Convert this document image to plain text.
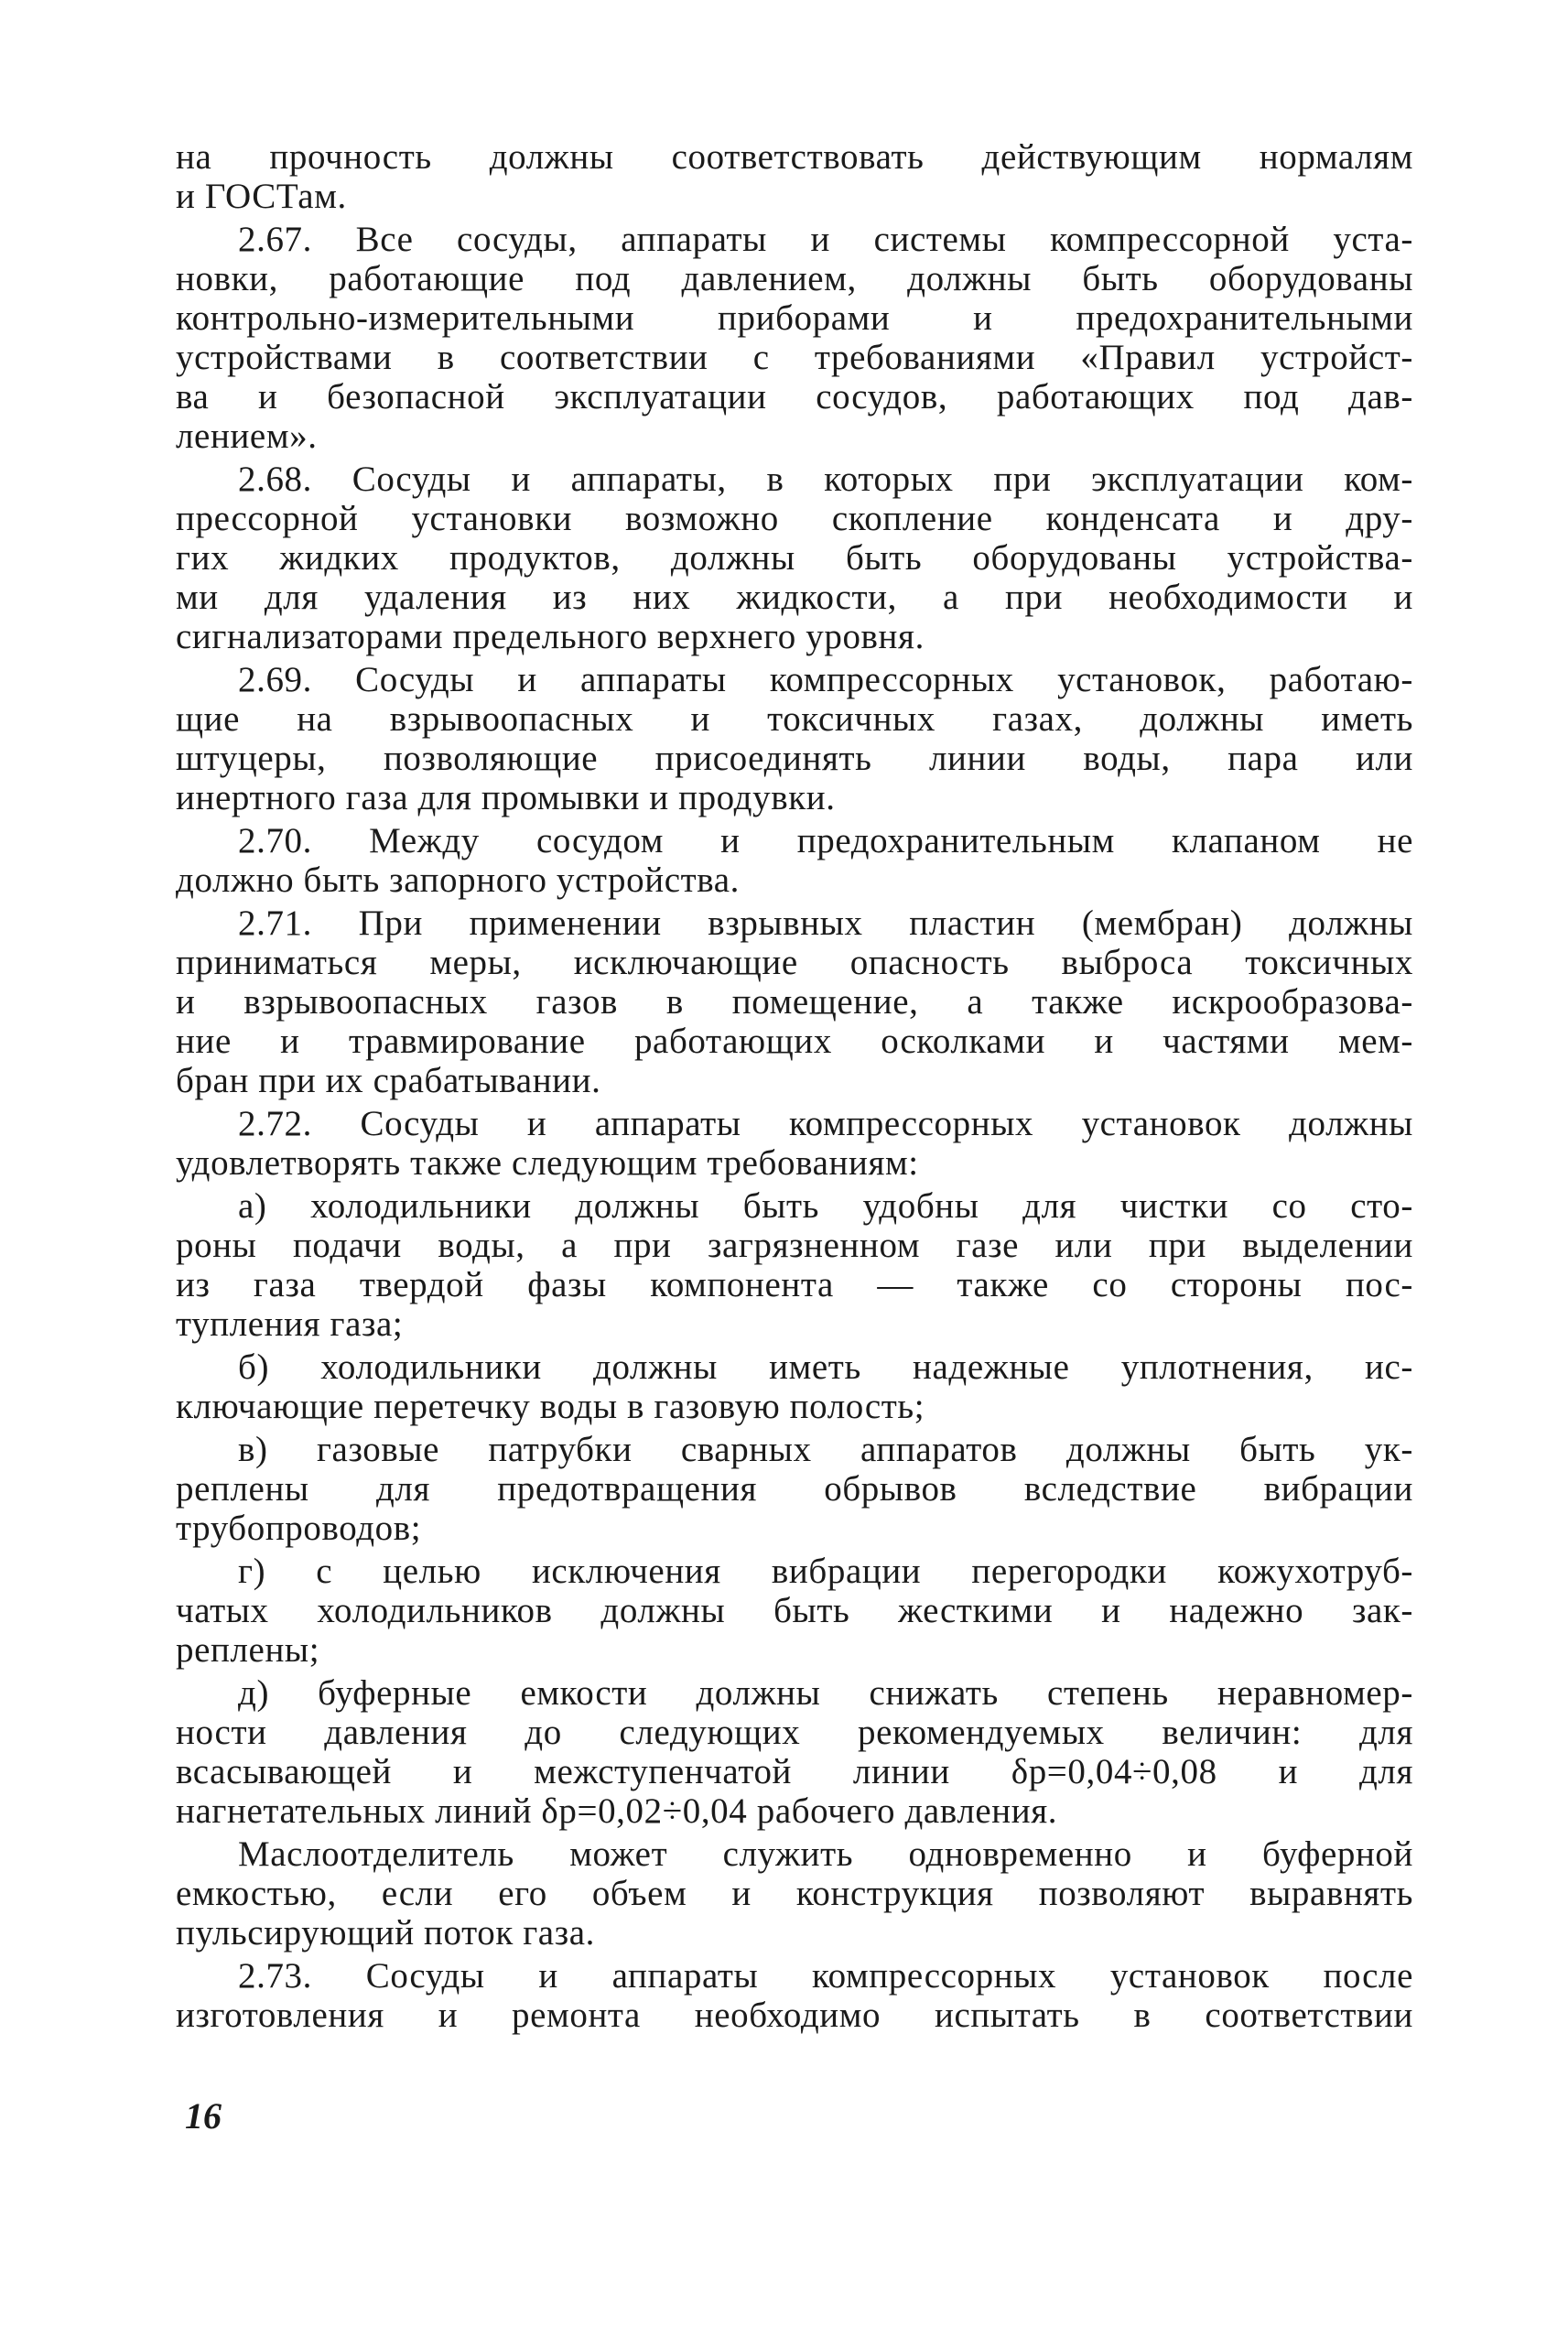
на прочность должны соответствовать действующим нормалям
и ГОСТам.
2.67. Все сосуды, аппараты и системы компрессорной уста-
новки, работающие под давлением, должны быть оборудованы
контрольно-измерительными приборами и предохранительными
устройствами в соответствии с требованиями «Правил устройст-
ва и безопасной эксплуатации сосудов, работающих под дав-
лением».
2.68. Сосуды и аппараты, в которых при эксплуатации ком-
прессорной установки возможно скопление конденсата и дру-
гих жидких продуктов, должны быть оборудованы устройства-
ми для удаления из них жидкости, а при необходимости и
сигнализаторами предельного верхнего уровня.
2.69. Сосуды и аппараты компрессорных установок, работаю-
щие на взрывоопасных и токсичных газах, должны иметь
штуцеры, позволяющие присоединять линии воды, пара или
инертного газа для промывки и продувки.
2.70. Между сосудом и предохранительным клапаном не
должно быть запорного устройства.
2.71. При применении взрывных пластин (мембран) должны
приниматься меры, исключающие опасность выброса токсичных
и взрывоопасных газов в помещение, а также искрообразова-
ние и травмирование работающих осколками и частями мем-
бран при их срабатывании.
2.72. Сосуды и аппараты компрессорных установок должны
удовлетворять также следующим требованиям:
а) холодильники должны быть удобны для чистки со сто-
роны подачи воды, а при загрязненном газе или при выделении
из газа твердой фазы компонента — также со стороны пос-
тупления газа;
б) холодильники должны иметь надежные уплотнения, ис-
ключающие перетечку воды в газовую полость;
в) газовые патрубки сварных аппаратов должны быть ук-
реплены для предотвращения обрывов вследствие вибрации
трубопроводов;
г) с целью исключения вибрации перегородки кожухотруб-
чатых холодильников должны быть жесткими и надежно зак-
реплены;
д) буферные емкости должны снижать степень неравномер-
ности давления до следующих рекомендуемых величин: для
всасывающей и межступенчатой линии δр=0,04÷0,08 и для
нагнетательных линий δр=0,02÷0,04 рабочего давления.
Маслоотделитель может служить одновременно и буферной
емкостью, если его объем и конструкция позволяют выравнять
пульсирующий поток газа.
2.73. Сосуды и аппараты компрессорных установок после
изготовления и ремонта необходимо испытать в соответствии
16
